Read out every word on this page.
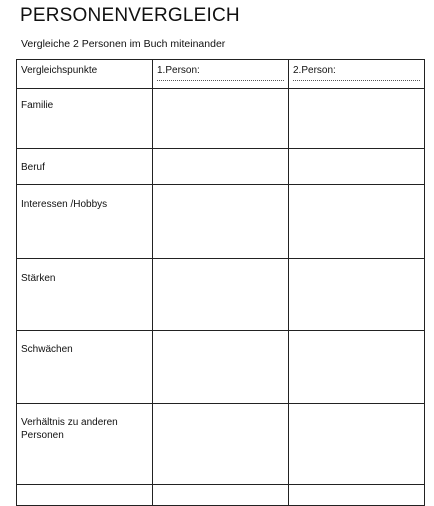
PERSONENVERGLEICH
Vergleiche 2 Personen im Buch miteinander
Vergleichspunkte	1.Person:	2.Person:

Familie		

Beruf		

Interessen /Hobbys		

Stärken		

Schwächen		

Verhältnis zu anderen Personen		
